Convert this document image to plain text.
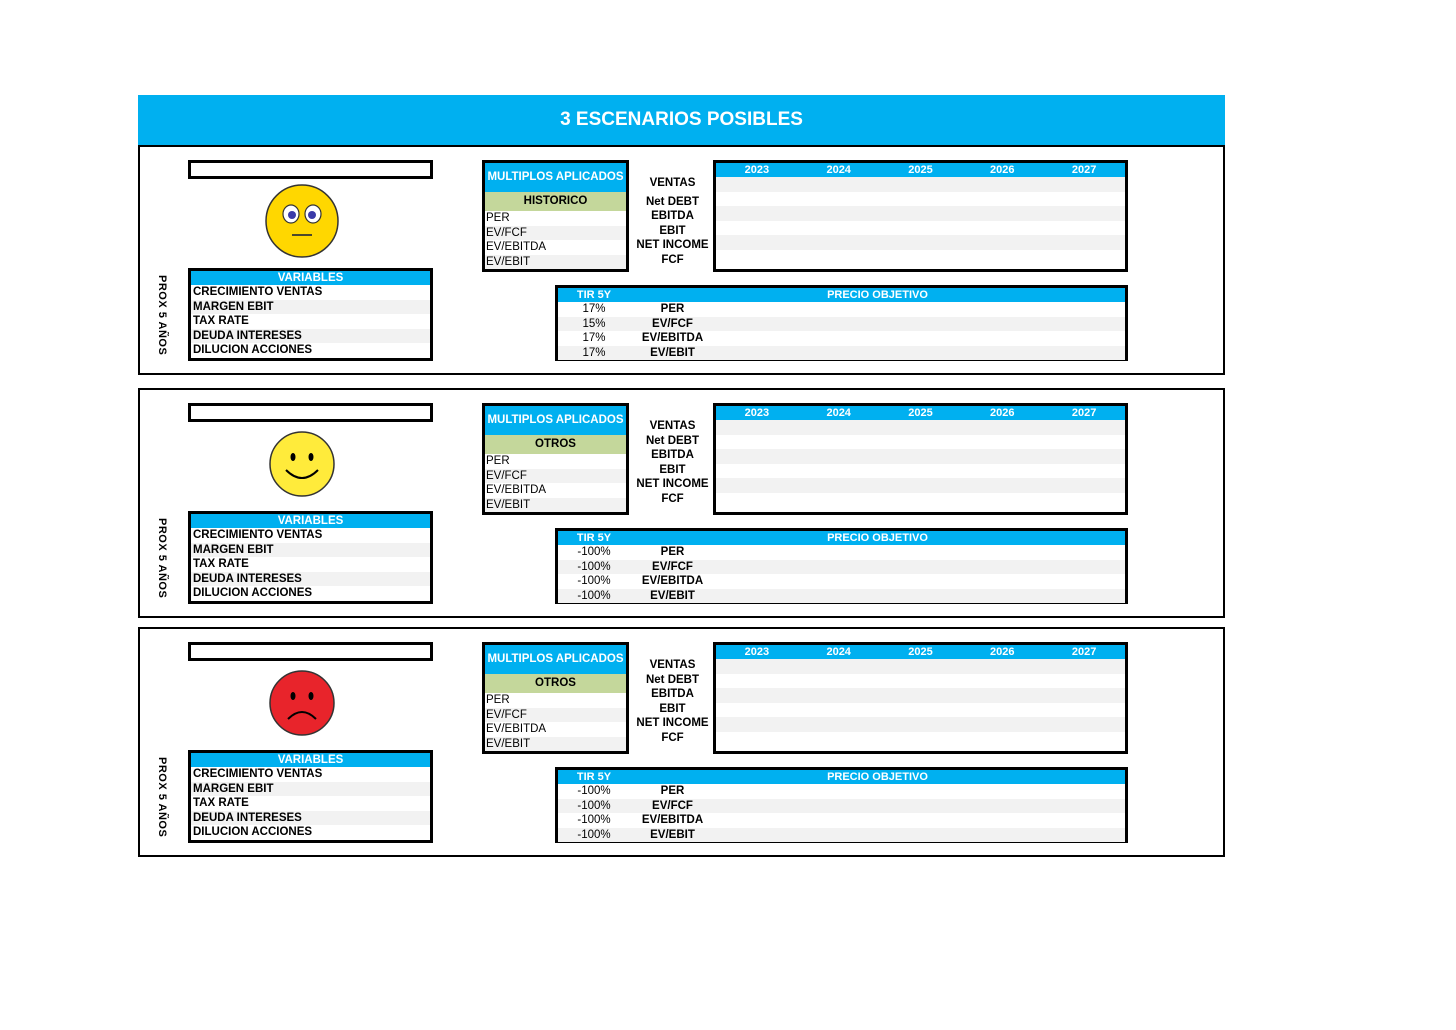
3 ESCENARIOS POSIBLES
ESCENARIO NORMAL
PROX 5 AÑOS	VARIABLES
CRECIMIENTO VENTAS
MARGEN EBIT
TAX RATE
DEUDA INTERESES
DILUCION ACCIONES
MULTIPLOS APLICADOS
HISTORICO
PER
EV/FCF
EV/EBITDA
EV/EBIT
VENTAS
Net DEBT
EBITDA
EBIT
NET INCOME
FCF
2023	2024	2025	2026	2027
TIR 5Y	PRECIO OBJETIVO
17%	PER
15%	EV/FCF
17%	EV/EBITDA
17%	EV/EBIT
ESCENARIO OPTIMISTA
PROX 5 AÑOS	VARIABLES
CRECIMIENTO VENTAS
MARGEN EBIT
TAX RATE
DEUDA INTERESES
DILUCION ACCIONES
MULTIPLOS APLICADOS
OTROS
PER
EV/FCF
EV/EBITDA
EV/EBIT
VENTAS
Net DEBT
EBITDA
EBIT
NET INCOME
FCF
2023	2024	2025	2026	2027
TIR 5Y	PRECIO OBJETIVO
-100%	PER
-100%	EV/FCF
-100%	EV/EBITDA
-100%	EV/EBIT
ESCENARIO PESIMISTA
PROX 5 AÑOS	VARIABLES
CRECIMIENTO VENTAS
MARGEN EBIT
TAX RATE
DEUDA INTERESES
DILUCION ACCIONES
MULTIPLOS APLICADOS
OTROS
PER
EV/FCF
EV/EBITDA
EV/EBIT
VENTAS
Net DEBT
EBITDA
EBIT
NET INCOME
FCF
2023	2024	2025	2026	2027
TIR 5Y	PRECIO OBJETIVO
-100%	PER
-100%	EV/FCF
-100%	EV/EBITDA
-100%	EV/EBIT
